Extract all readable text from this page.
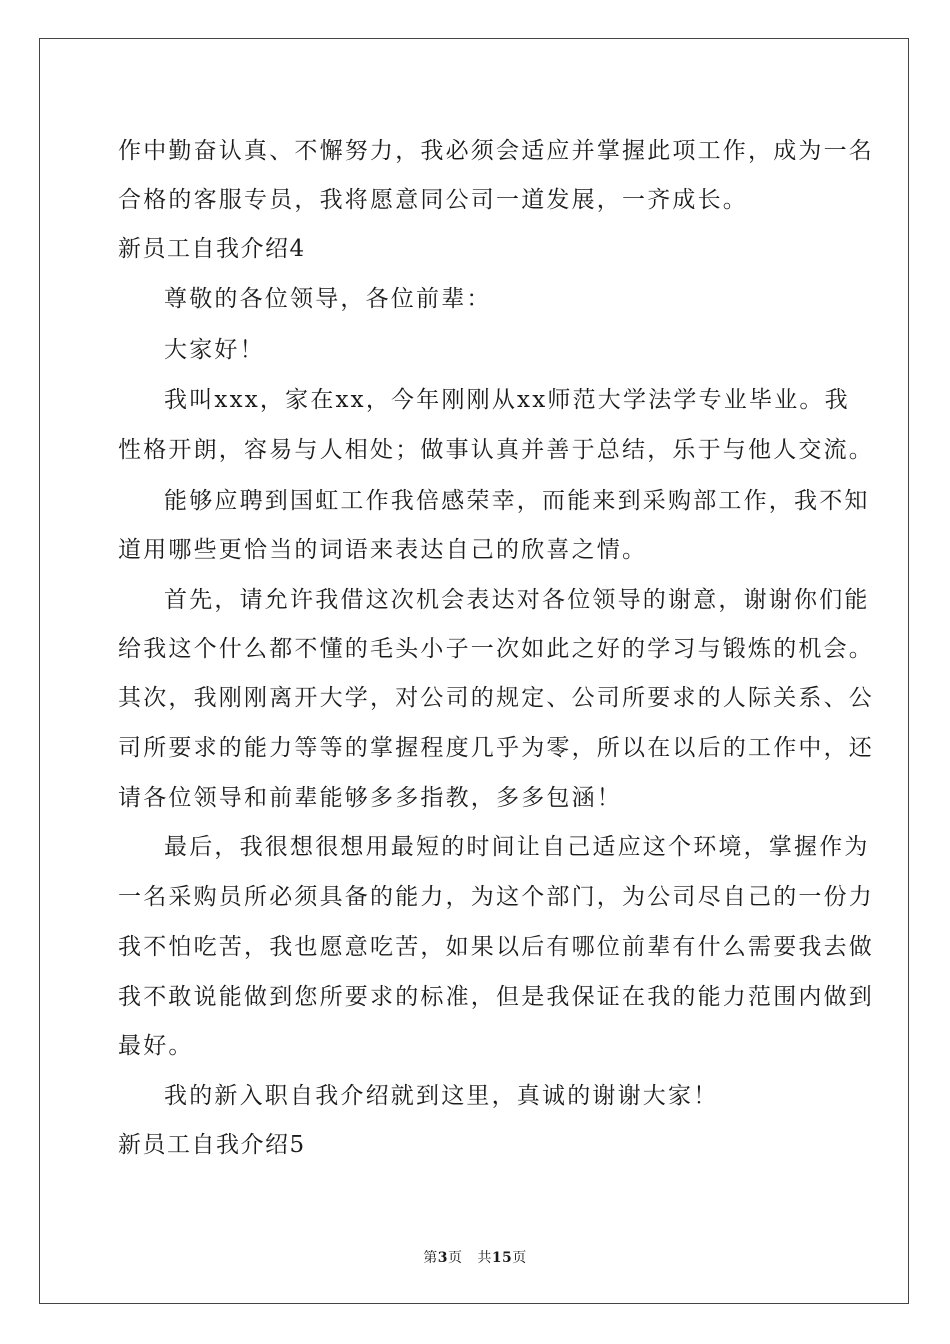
作中勤奋认真、不懈努力，我必须会适应并掌握此项工作，成为一名
合格的客服专员，我将愿意同公司一道发展，一齐成长。
新员工自我介绍4
尊敬的各位领导，各位前辈：
大家好！
我叫xxx，家在xx，今年刚刚从xx师范大学法学专业毕业。我
性格开朗，容易与人相处；做事认真并善于总结，乐于与他人交流。
能够应聘到国虹工作我倍感荣幸，而能来到采购部工作，我不知
道用哪些更恰当的词语来表达自己的欣喜之情。
首先，请允许我借这次机会表达对各位领导的谢意，谢谢你们能
给我这个什么都不懂的毛头小子一次如此之好的学习与锻炼的机会。
其次，我刚刚离开大学，对公司的规定、公司所要求的人际关系、公
司所要求的能力等等的掌握程度几乎为零，所以在以后的工作中，还
请各位领导和前辈能够多多指教，多多包涵！
最后，我很想很想用最短的时间让自己适应这个环境，掌握作为
一名采购员所必须具备的能力，为这个部门，为公司尽自己的一份力
我不怕吃苦，我也愿意吃苦，如果以后有哪位前辈有什么需要我去做
我不敢说能做到您所要求的标准，但是我保证在我的能力范围内做到
最好。
我的新入职自我介绍就到这里，真诚的谢谢大家！
新员工自我介绍5
第3页 共15页
